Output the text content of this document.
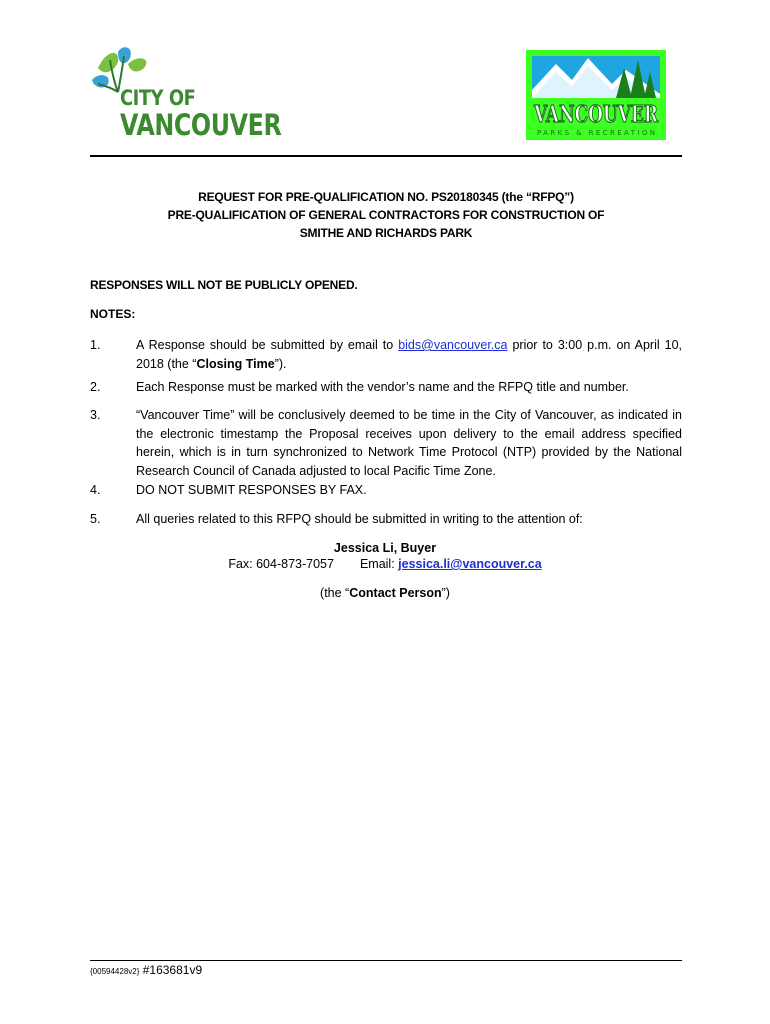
CITY OF
VANCOUVER	VANCOUVER
PARKS & RECREATION
REQUEST FOR PRE-QUALIFICATION NO. PS20180345 (the “RFPQ”)
PRE-QUALIFICATION OF GENERAL CONTRACTORS FOR CONSTRUCTION OF
SMITHE AND RICHARDS PARK
RESPONSES WILL NOT BE PUBLICLY OPENED.
NOTES:
1.	A Response should be submitted by email to bids@vancouver.ca prior to 3:00 p.m. on April 10, 2018 (the “Closing Time”).
2.	Each Response must be marked with the vendor’s name and the RFPQ title and number.
3.	“Vancouver Time” will be conclusively deemed to be time in the City of Vancouver, as indicated in the electronic timestamp the Proposal receives upon delivery to the email address specified herein, which is in turn synchronized to Network Time Protocol (NTP) provided by the National Research Council of Canada adjusted to local Pacific Time Zone.
4.	DO NOT SUBMIT RESPONSES BY FAX.
5.	All queries related to this RFPQ should be submitted in writing to the attention of:
Jessica Li, Buyer
Fax: 604-873-7057 Email: jessica.li@vancouver.ca
(the “Contact Person”)
{00594428v2} #163681v9
